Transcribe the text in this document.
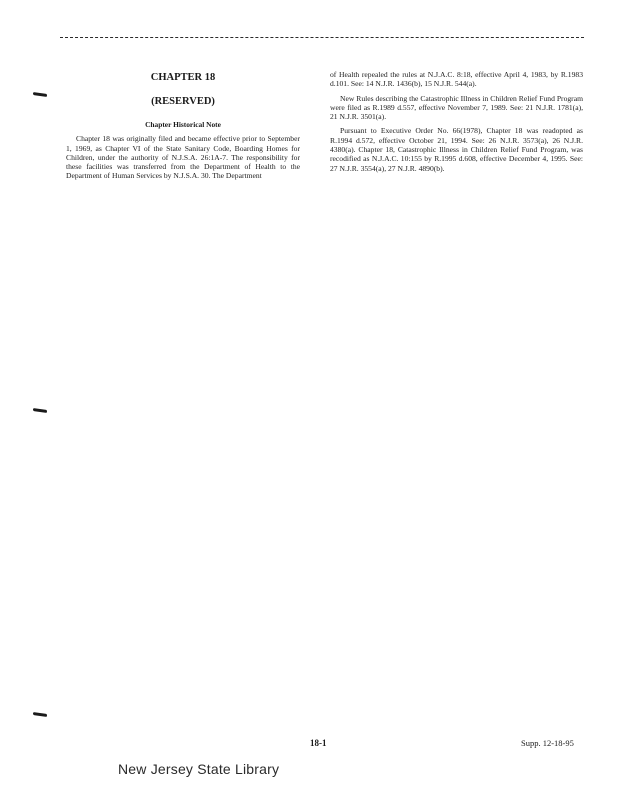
CHAPTER 18
(RESERVED)
Chapter Historical Note

Chapter 18 was originally filed and became effective prior to September 1, 1969, as Chapter VI of the State Sanitary Code, Boarding Homes for Children, under the authority of N.J.S.A. 26:1A-7. The responsibility for these facilities was transferred from the Department of Health to the Department of Human Services by N.J.S.A. 30. The Department

of Health repealed the rules at N.J.A.C. 8:18, effective April 4, 1983, by R.1983 d.101. See: 14 N.J.R. 1436(b), 15 N.J.R. 544(a).

New Rules describing the Catastrophic Illness in Children Relief Fund Program were filed as R.1989 d.557, effective November 7, 1989. See: 21 N.J.R. 1781(a), 21 N.J.R. 3501(a).

Pursuant to Executive Order No. 66(1978), Chapter 18 was readopted as R.1994 d.572, effective October 21, 1994. See: 26 N.J.R. 3573(a), 26 N.J.R. 4380(a). Chapter 18, Catastrophic Illness in Children Relief Fund Program, was recodified as N.J.A.C. 10:155 by R.1995 d.608, effective December 4, 1995. See: 27 N.J.R. 3554(a), 27 N.J.R. 4890(b).

18-1	Supp. 12-18-95
New Jersey State Library
